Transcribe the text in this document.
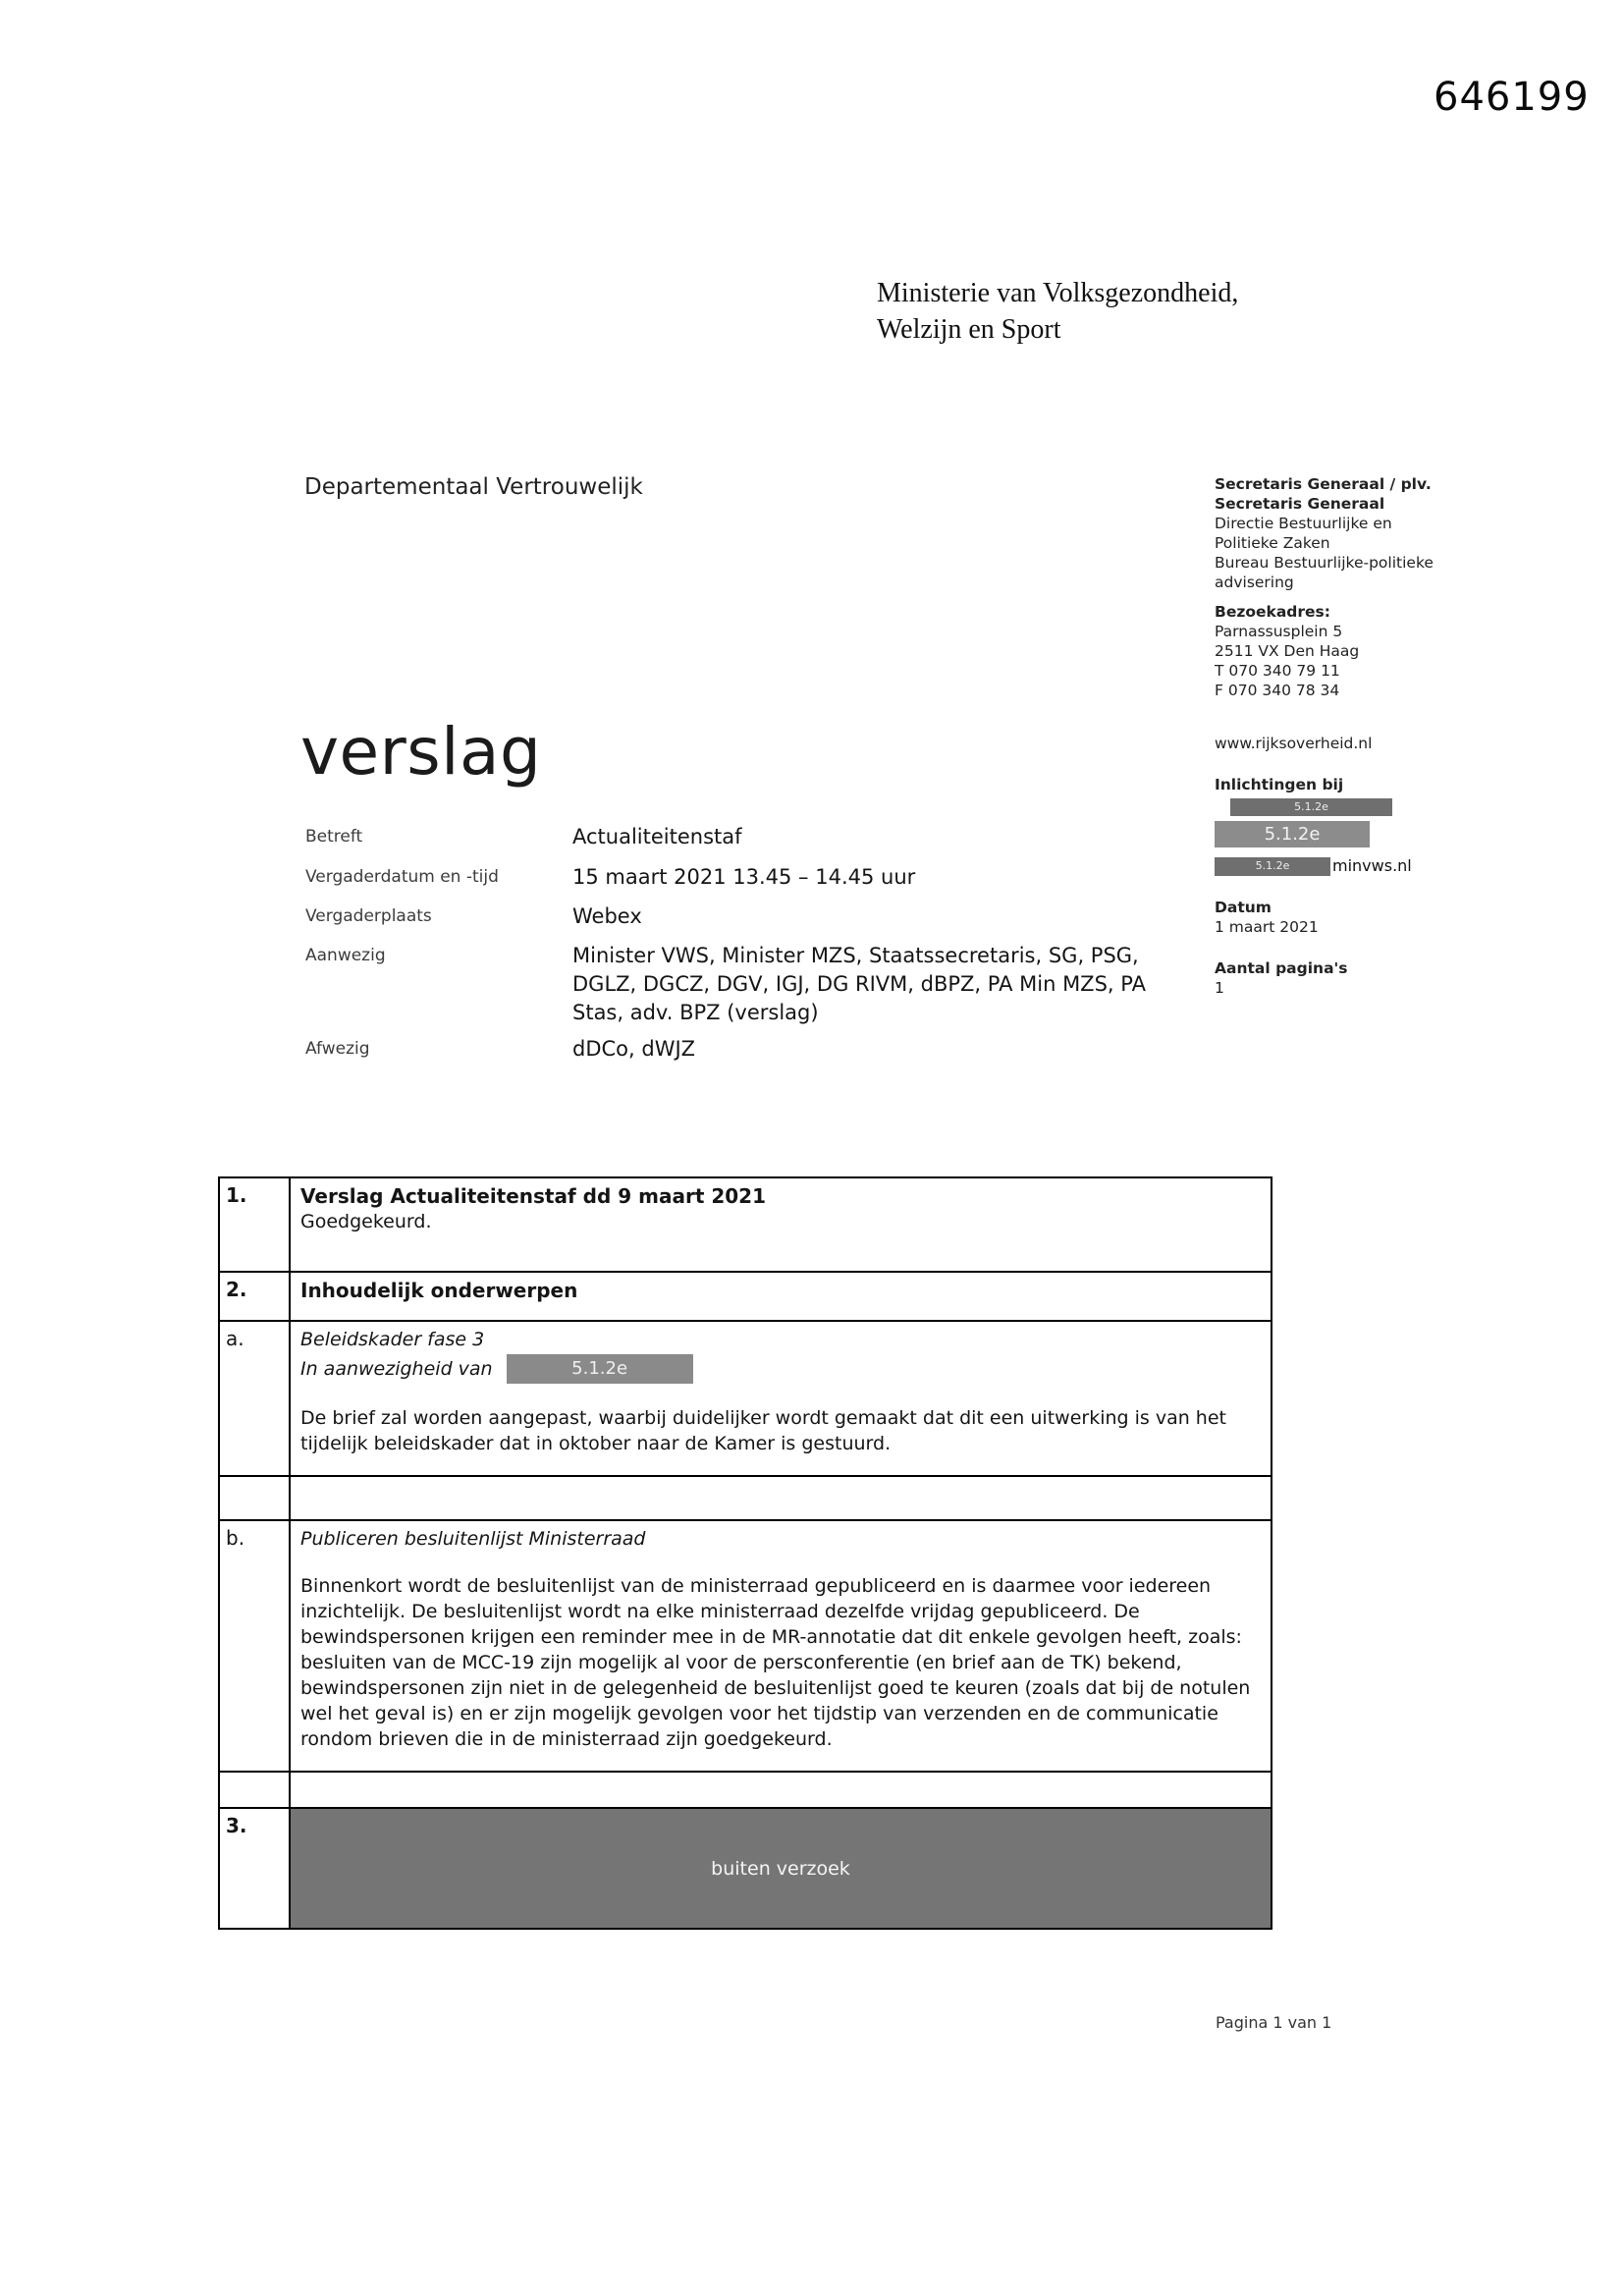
646199
Ministerie van Volksgezondheid,
Welzijn en Sport
Departementaal Vertrouwelijk	Secretaris Generaal / plv.
Secretaris Generaal
Directie Bestuurlijke en
Politieke Zaken
Bureau Bestuurlijke-politieke
advisering
Bezoekadres:
Parnassusplein 5
2511 VX Den Haag
T 070 340 79 11
F 070 340 78 34
www.rijksoverheid.nl
Inlichtingen bij
5.1.2e
5.1.2e
5.1.2e	minvws.nl
Datum
1 maart 2021
Aantal pagina's
1
verslag
Betreft	Actualiteitenstaf
Vergaderdatum en -tijd	15 maart 2021 13.45 – 14.45 uur
Vergaderplaats	Webex
Aanwezig	Minister VWS, Minister MZS, Staatssecretaris, SG, PSG, DGLZ, DGCZ, DGV, IGJ, DG RIVM, dBPZ, PA Min MZS, PA Stas, adv. BPZ (verslag)
Afwezig	dDCo, dWJZ
1.	Verslag Actualiteitenstaf dd 9 maart 2021
Goedgekeurd.
2.	Inhoudelijk onderwerpen
a.	Beleidskader fase 3
In aanwezigheid van	5.1.2e
De brief zal worden aangepast, waarbij duidelijker wordt gemaakt dat dit een uitwerking is van het tijdelijk beleidskader dat in oktober naar de Kamer is gestuurd.
b.	Publiceren besluitenlijst Ministerraad
Binnenkort wordt de besluitenlijst van de ministerraad gepubliceerd en is daarmee voor iedereen inzichtelijk. De besluitenlijst wordt na elke ministerraad dezelfde vrijdag gepubliceerd. De bewindspersonen krijgen een reminder mee in de MR-annotatie dat dit enkele gevolgen heeft, zoals: besluiten van de MCC-19 zijn mogelijk al voor de persconferentie (en brief aan de TK) bekend, bewindspersonen zijn niet in de gelegenheid de besluitenlijst goed te keuren (zoals dat bij de notulen wel het geval is) en er zijn mogelijk gevolgen voor het tijdstip van verzenden en de communicatie rondom brieven die in de ministerraad zijn goedgekeurd.
3.
buiten verzoek
Pagina 1 van 1
